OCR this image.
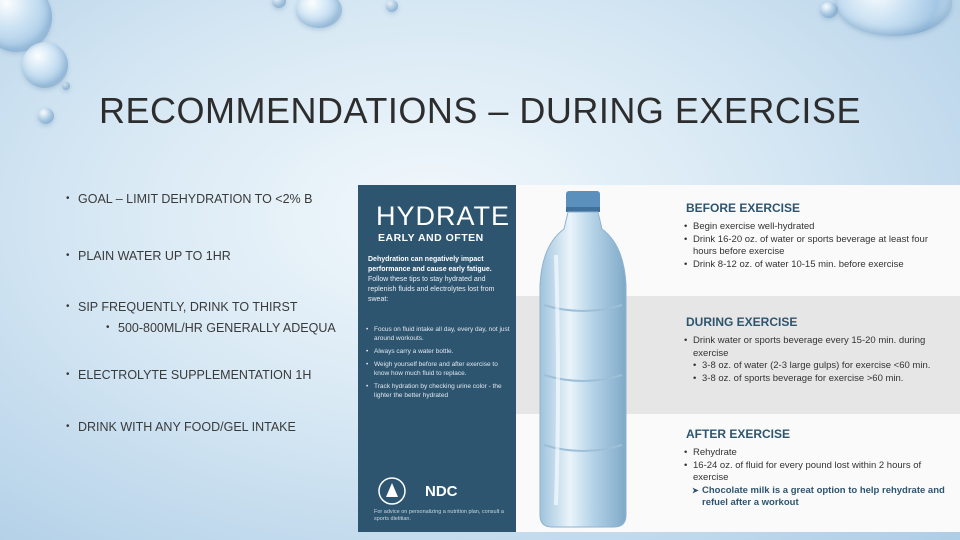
RECOMMENDATIONS – DURING EXERCISE
• GOAL – LIMIT DEHYDRATION TO <2% B
• PLAIN WATER UP TO 1HR
• SIP FREQUENTLY, DRINK TO THIRST
• 500-800ML/HR GENERALLY ADEQUA
• ELECTROLYTE SUPPLEMENTATION 1H
• DRINK WITH ANY FOOD/GEL INTAKE
HYDRATE
EARLY AND OFTEN
Dehydration can negatively impact performance and cause early fatigue. Follow these tips to stay hydrated and replenish fluids and electrolytes lost from sweat:
• Focus on fluid intake all day, every day, not just around workouts.
• Always carry a water bottle.
• Weigh yourself before and after exercise to know how much fluid to replace.
• Track hydration by checking urine color - the lighter the better hydrated
NDC
For advice on personalizing a nutrition plan, consult a sports dietitian.
BEFORE EXERCISE
• Begin exercise well-hydrated
• Drink 16-20 oz. of water or sports beverage at least four hours before exercise
• Drink 8-12 oz. of water 10-15 min. before exercise
DURING EXERCISE
• Drink water or sports beverage every 15-20 min. during exercise
• 3-8 oz. of water (2-3 large gulps) for exercise <60 min.
• 3-8 oz. of sports beverage for exercise >60 min.
AFTER EXERCISE
• Rehydrate
• 16-24 oz. of fluid for every pound lost within 2 hours of exercise
➤ Chocolate milk is a great option to help rehydrate and refuel after a workout
